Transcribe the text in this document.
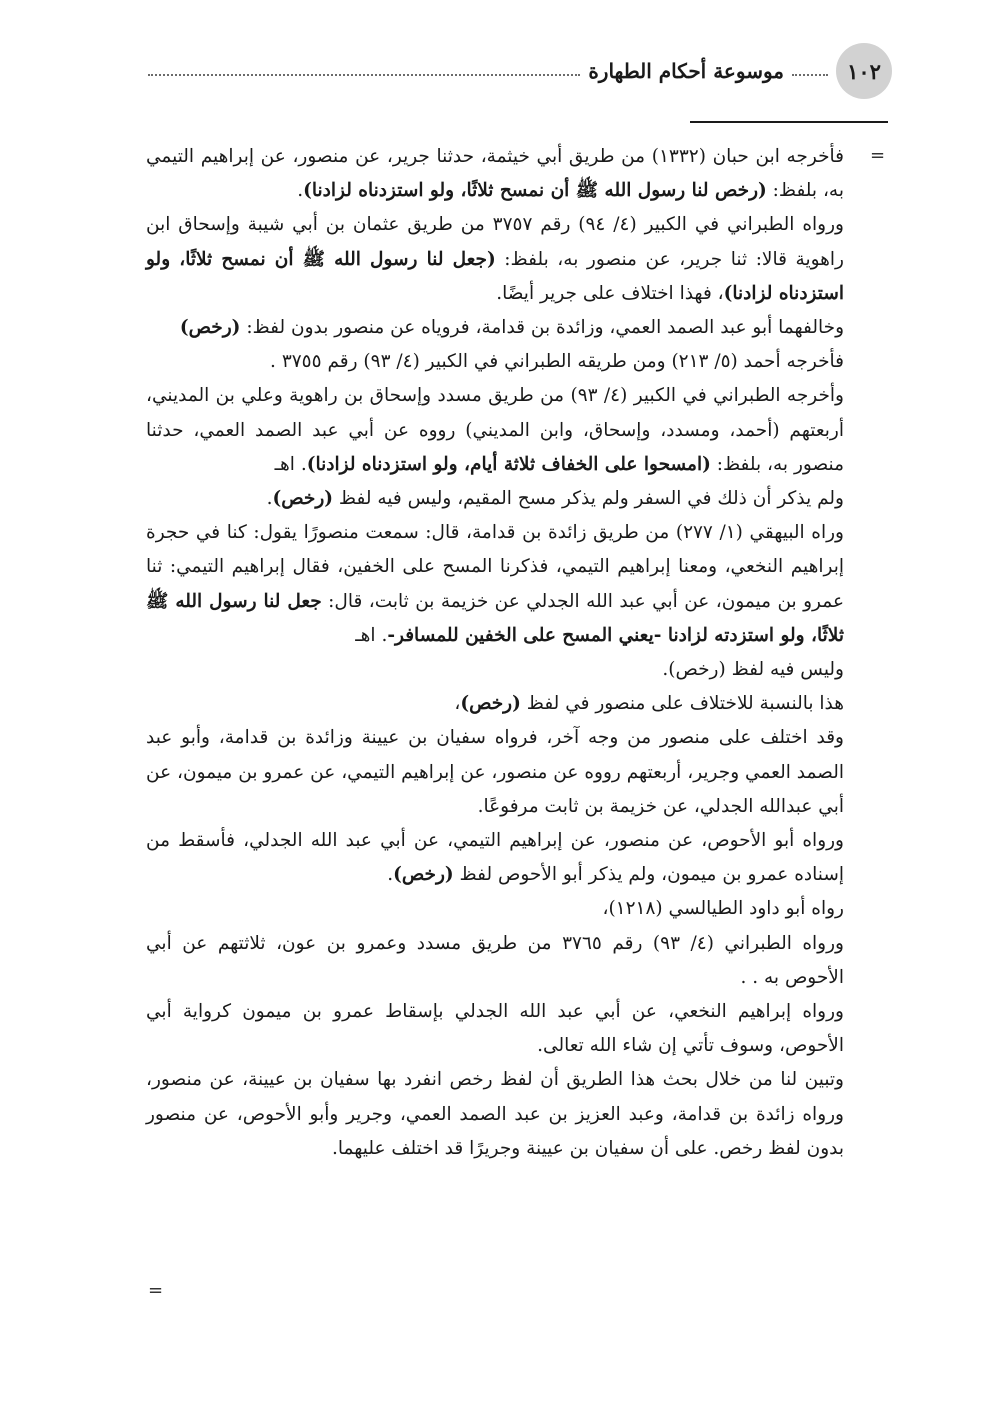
١٠٢
موسوعة أحكام الطهارة
=
=

فأخرجه ابن حبان (١٣٣٢) من طريق أبي خيثمة، حدثنا جرير، عن منصور، عن إبراهيم التيمي به، بلفظ: (رخص لنا رسول الله ﷺ أن نمسح ثلاثًا، ولو استزدناه لزادنا).

ورواه الطبراني في الكبير (٤/ ٩٤) رقم ٣٧٥٧ من طريق عثمان بن أبي شيبة وإسحاق ابن راهوية قالا: ثنا جرير، عن منصور به، بلفظ: (جعل لنا رسول الله ﷺ أن نمسح ثلاثًا، ولو استزدناه لزادنا)، فهذا اختلاف على جرير أيضًا.

وخالفهما أبو عبد الصمد العمي، وزائدة بن قدامة، فروياه عن منصور بدون لفظ: (رخص)

فأخرجه أحمد (٥/ ٢١٣) ومن طريقه الطبراني في الكبير (٤/ ٩٣) رقم ٣٧٥٥ .

وأخرجه الطبراني في الكبير (٤/ ٩٣) من طريق مسدد وإسحاق بن راهوية وعلي بن المديني، أربعتهم (أحمد، ومسدد، وإسحاق، وابن المديني) رووه عن أبي عبد الصمد العمي، حدثنا منصور به، بلفظ: (امسحوا على الخفاف ثلاثة أيام، ولو استزدناه لزادنا). اهـ

ولم يذكر أن ذلك في السفر ولم يذكر مسح المقيم، وليس فيه لفظ (رخص).

وراه البيهقي (١/ ٢٧٧) من طريق زائدة بن قدامة، قال: سمعت منصورًا يقول: كنا في حجرة إبراهيم النخعي، ومعنا إبراهيم التيمي، فذكرنا المسح على الخفين، فقال إبراهيم التيمي: ثنا عمرو بن ميمون، عن أبي عبد الله الجدلي عن خزيمة بن ثابت، قال: جعل لنا رسول الله ﷺ ثلاثًا، ولو استزدته لزادنا -يعني المسح على الخفين للمسافر-. اهـ

وليس فيه لفظ (رخص).

هذا بالنسبة للاختلاف على منصور في لفظ (رخص)،

وقد اختلف على منصور من وجه آخر، فرواه سفيان بن عيينة وزائدة بن قدامة، وأبو عبد الصمد العمي وجرير، أربعتهم رووه عن منصور، عن إبراهيم التيمي، عن عمرو بن ميمون، عن أبي عبدالله الجدلي، عن خزيمة بن ثابت مرفوعًا.

ورواه أبو الأحوص، عن منصور، عن إبراهيم التيمي، عن أبي عبد الله الجدلي، فأسقط من إسناده عمرو بن ميمون، ولم يذكر أبو الأحوص لفظ (رخص).

رواه أبو داود الطيالسي (١٢١٨)،

ورواه الطبراني (٤/ ٩٣) رقم ٣٧٦٥ من طريق مسدد وعمرو بن عون، ثلاثتهم عن أبي الأحوص به . .

ورواه إبراهيم النخعي، عن أبي عبد الله الجدلي بإسقاط عمرو بن ميمون كرواية أبي الأحوص، وسوف تأتي إن شاء الله تعالى.

وتبين لنا من خلال بحث هذا الطريق أن لفظ رخص انفرد بها سفيان بن عيينة، عن منصور، ورواه زائدة بن قدامة، وعبد العزيز بن عبد الصمد العمي، وجرير وأبو الأحوص، عن منصور بدون لفظ رخص. على أن سفيان بن عيينة وجريرًا قد اختلف عليهما.
